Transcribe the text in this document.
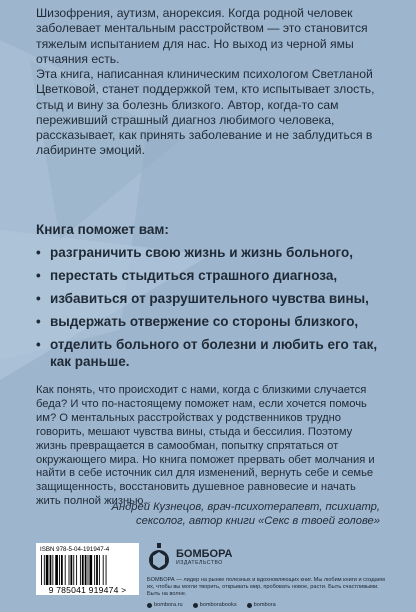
Шизофрения, аутизм, анорексия. Когда родной человек заболевает ментальным расстройством — это становится тяжелым испытанием для нас. Но выход из черной ямы отчаяния есть.

Эта книга, написанная клиническим психологом Светланой Цветковой, станет поддержкой тем, кто испытывает злость, стыд и вину за болезнь близкого. Автор, когда-то сам переживший страшный диагноз любимого человека, рассказывает, как принять заболевание и не заблудиться в лабиринте эмоций.

Книга поможет вам:

• разграничить свою жизнь и жизнь больного,
• перестать стыдиться страшного диагноза,
• избавиться от разрушительного чувства вины,
• выдержать отвержение со стороны близкого,
• отделить больного от болезни и любить его так, как раньше.

Как понять, что происходит с нами, когда с близкими случается беда? И что по-настоящему поможет нам, если хочется помочь им? О ментальных расстройствах у родственников трудно говорить, мешают чувства вины, стыда и бессилия. Поэтому жизнь превращается в самообман, попытку спрятаться от окружающего мира. Но книга поможет прервать обет молчания и найти в себе источник сил для изменений, вернуть себе и семье защищенность, восстановить душевное равновесие и начать жить полной жизнью.

Андрей Кузнецов, врач-психотерапевт, психиатр, сексолог, автор книги «Секс в твоей голове»

ISBN 978-5-04-191947-4
9 785041 919474 >
БОМБОРА
ИЗДАТЕЛЬСТВО
БОМБОРА — лидер на рынке полезных и вдохновляющих книг. Мы любим книги и создаем их, чтобы вы могли творить, открывать мир, пробовать новое, расти. Быть счастливыми. Быть на волне.
bombora.ru	bomborabooks	bombora
